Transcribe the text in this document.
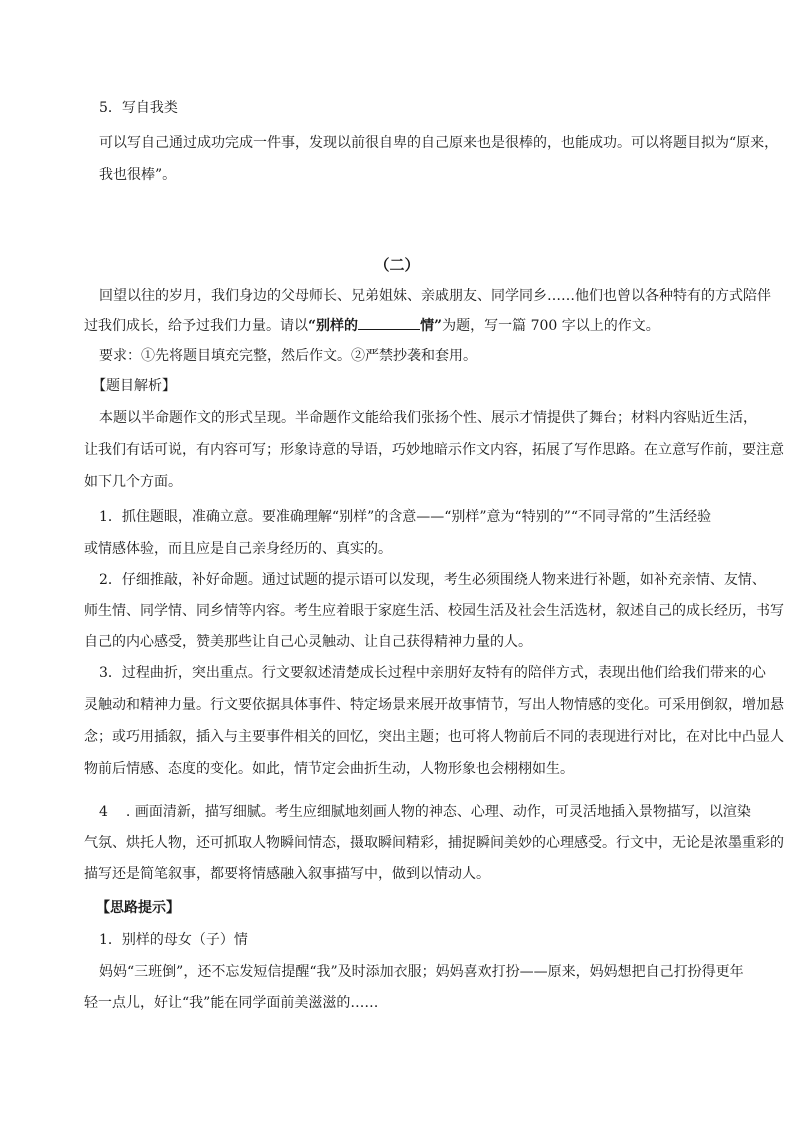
5．写自我类

可以写自己通过成功完成一件事，发现以前很自卑的自己原来也是很棒的，也能成功。可以将题目拟为“原来，

我也很棒”。

（二）

回望以往的岁月，我们身边的父母师长、兄弟姐妹、亲戚朋友、同学同乡……他们也曾以各种特有的方式陪伴

过我们成长，给予过我们力量。请以“别样的	情”为题，写一篇 700 字以上的作文。

要求：①先将题目填充完整，然后作文。②严禁抄袭和套用。

【题目解析】

本题以半命题作文的形式呈现。半命题作文能给我们张扬个性、展示才情提供了舞台；材料内容贴近生活，

让我们有话可说，有内容可写；形象诗意的导语，巧妙地暗示作文内容，拓展了写作思路。在立意写作前，要注意

如下几个方面。

1．抓住题眼，准确立意。要准确理解“别样”的含意——“别样”意为“特别的”“不同寻常的”生活经验

或情感体验，而且应是自己亲身经历的、真实的。

2．仔细推敲，补好命题。通过试题的提示语可以发现，考生必须围绕人物来进行补题，如补充亲情、友情、

师生情、同学情、同乡情等内容。考生应着眼于家庭生活、校园生活及社会生活选材，叙述自己的成长经历，书写

自己的内心感受，赞美那些让自己心灵触动、让自己获得精神力量的人。

3．过程曲折，突出重点。行文要叙述清楚成长过程中亲朋好友特有的陪伴方式，表现出他们给我们带来的心

灵触动和精神力量。行文要依据具体事件、特定场景来展开故事情节，写出人物情感的变化。可采用倒叙，增加悬

念；或巧用插叙，插入与主要事件相关的回忆，突出主题；也可将人物前后不同的表现进行对比，在对比中凸显人

物前后情感、态度的变化。如此，情节定会曲折生动，人物形象也会栩栩如生。

4 . 画面清新，描写细腻。考生应细腻地刻画人物的神态、心理、动作，可灵活地插入景物描写，以渲染

气氛、烘托人物，还可抓取人物瞬间情态，摄取瞬间精彩，捕捉瞬间美妙的心理感受。行文中，无论是浓墨重彩的

描写还是简笔叙事，都要将情感融入叙事描写中，做到以情动人。

【思路提示】

1．别样的母女（子）情

妈妈“三班倒”，还不忘发短信提醒“我”及时添加衣服；妈妈喜欢打扮——原来，妈妈想把自己打扮得更年

轻一点儿，好让“我”能在同学面前美滋滋的……
